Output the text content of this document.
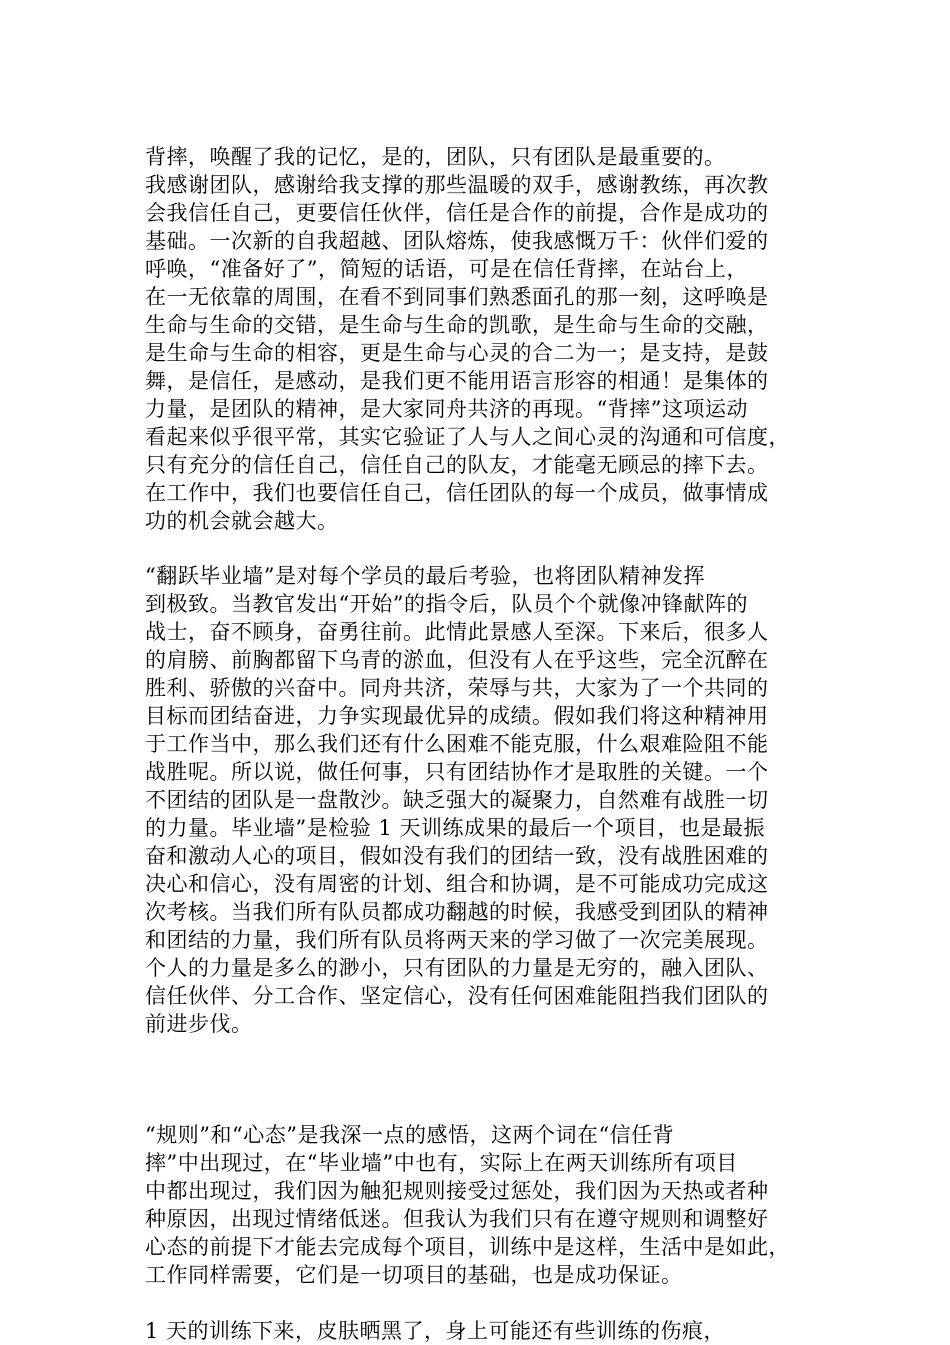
背摔，唤醒了我的记忆，是的，团队，只有团队是最重要的。
我感谢团队，感谢给我支撑的那些温暖的双手，感谢教练，再次教
会我信任自己，更要信任伙伴，信任是合作的前提，合作是成功的
基础。一次新的自我超越、团队熔炼，使我感慨万千：伙伴们爱的
呼唤，“准备好了”，简短的话语，可是在信任背摔，在站台上，
在一无依靠的周围，在看不到同事们熟悉面孔的那一刻，这呼唤是
生命与生命的交错，是生命与生命的凯歌，是生命与生命的交融，
是生命与生命的相容，更是生命与心灵的合二为一；是支持，是鼓
舞，是信任，是感动，是我们更不能用语言形容的相通！是集体的
力量，是团队的精神，是大家同舟共济的再现。“背摔”这项运动
看起来似乎很平常，其实它验证了人与人之间心灵的沟通和可信度，
只有充分的信任自己，信任自己的队友，才能毫无顾忌的摔下去。
在工作中，我们也要信任自己，信任团队的每一个成员，做事情成
功的机会就会越大。
“翻跃毕业墙”是对每个学员的最后考验，也将团队精神发挥
到极致。当教官发出“开始”的指令后，队员个个就像冲锋献阵的
战士，奋不顾身，奋勇往前。此情此景感人至深。下来后，很多人
的肩膀、前胸都留下乌青的淤血，但没有人在乎这些，完全沉醉在
胜利、骄傲的兴奋中。同舟共济，荣辱与共，大家为了一个共同的
目标而团结奋进，力争实现最优异的成绩。假如我们将这种精神用
于工作当中，那么我们还有什么困难不能克服，什么艰难险阻不能
战胜呢。所以说，做任何事，只有团结协作才是取胜的关键。一个
不团结的团队是一盘散沙。缺乏强大的凝聚力，自然难有战胜一切
的力量。毕业墙”是检验 1 天训练成果的最后一个项目，也是最振
奋和激动人心的项目，假如没有我们的团结一致，没有战胜困难的
决心和信心，没有周密的计划、组合和协调，是不可能成功完成这
次考核。当我们所有队员都成功翻越的时候，我感受到团队的精神
和团结的力量，我们所有队员将两天来的学习做了一次完美展现。
个人的力量是多么的渺小，只有团队的力量是无穷的，融入团队、
信任伙伴、分工合作、坚定信心，没有任何困难能阻挡我们团队的
前进步伐。
“规则”和“心态”是我深一点的感悟，这两个词在“信任背
摔”中出现过，在“毕业墙”中也有，实际上在两天训练所有项目
中都出现过，我们因为触犯规则接受过惩处，我们因为天热或者种
种原因，出现过情绪低迷。但我认为我们只有在遵守规则和调整好
心态的前提下才能去完成每个项目，训练中是这样，生活中是如此，
工作同样需要，它们是一切项目的基础，也是成功保证。
1 天的训练下来，皮肤晒黑了，身上可能还有些训练的伤痕，
